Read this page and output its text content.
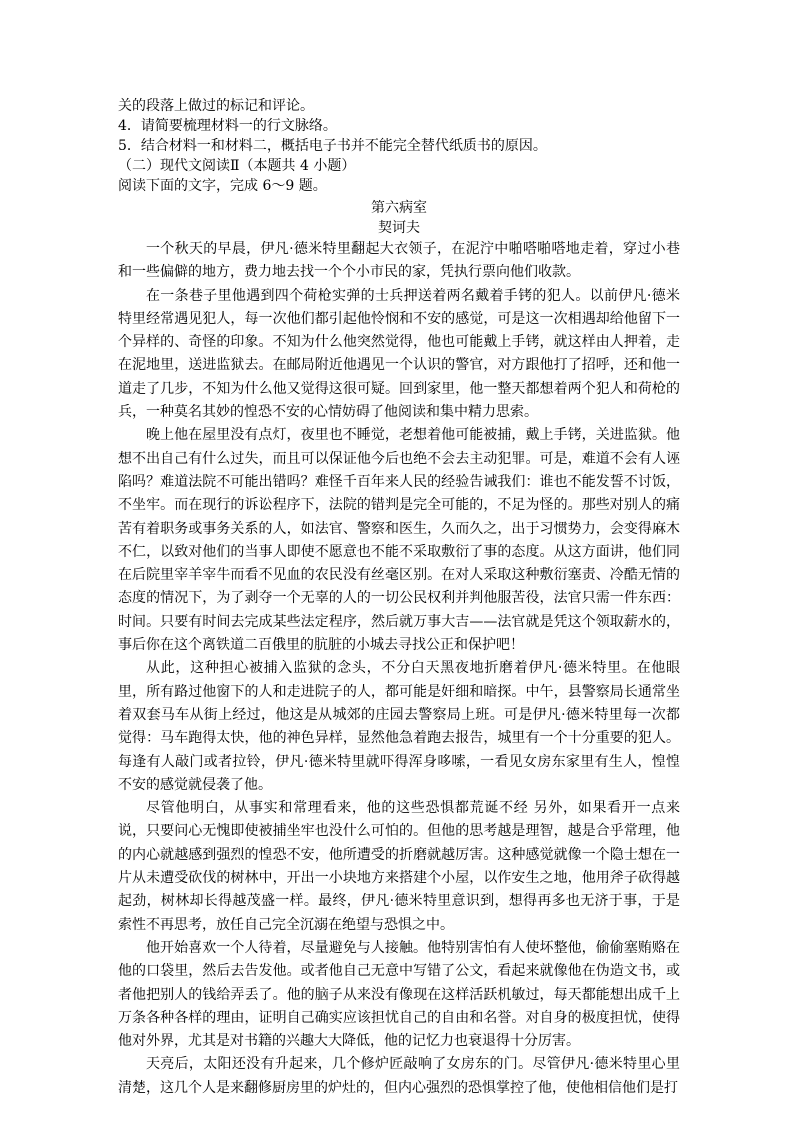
关的段落上做过的标记和评论。

4．请简要梳理材料一的行文脉络。

5．结合材料一和材料二，概括电子书并不能完全替代纸质书的原因。

（二）现代文阅读Ⅱ（本题共 4 小题）

阅读下面的文字，完成 6～9 题。

第六病室

契诃夫

一个秋天的早晨，伊凡·德米特里翻起大衣领子，在泥泞中啪嗒啪嗒地走着，穿过小巷和一些偏僻的地方，费力地去找一个个小市民的家，凭执行票向他们收款。

在一条巷子里他遇到四个荷枪实弹的士兵押送着两名戴着手铐的犯人。以前伊凡·德米特里经常遇见犯人，每一次他们都引起他怜悯和不安的感觉，可是这一次相遇却给他留下一个异样的、奇怪的印象。不知为什么他突然觉得，他也可能戴上手铐，就这样由人押着，走在泥地里，送进监狱去。在邮局附近他遇见一个认识的警官，对方跟他打了招呼，还和他一道走了几步，不知为什么他又觉得这很可疑。回到家里，他一整天都想着两个犯人和荷枪的兵，一种莫名其妙的惶恐不安的心情妨碍了他阅读和集中精力思索。

晚上他在屋里没有点灯，夜里也不睡觉，老想着他可能被捕，戴上手铐，关进监狱。他想不出自己有什么过失，而且可以保证他今后也绝不会去主动犯罪。可是，难道不会有人诬陷吗？难道法院不可能出错吗？难怪千百年来人民的经验告诫我们：谁也不能发誓不讨饭，不坐牢。而在现行的诉讼程序下，法院的错判是完全可能的，不足为怪的。那些对别人的痛苦有着职务或事务关系的人，如法官、警察和医生，久而久之，出于习惯势力，会变得麻木不仁，以致对他们的当事人即使不愿意也不能不采取敷衍了事的态度。从这方面讲，他们同在后院里宰羊宰牛而看不见血的农民没有丝毫区别。在对人采取这种敷衍塞责、冷酷无情的态度的情况下，为了剥夺一个无辜的人的一切公民权利并判他服苦役，法官只需一件东西：时间。只要有时间去完成某些法定程序，然后就万事大吉——法官就是凭这个领取薪水的，事后你在这个离铁道二百俄里的肮脏的小城去寻找公正和保护吧！

从此，这种担心被捕入监狱的念头，不分白天黑夜地折磨着伊凡·德米特里。在他眼里，所有路过他窗下的人和走进院子的人，都可能是奸细和暗探。中午，县警察局长通常坐着双套马车从街上经过，他这是从城郊的庄园去警察局上班。可是伊凡·德米特里每一次都觉得：马车跑得太快，他的神色异样，显然他急着跑去报告，城里有一个十分重要的犯人。每逢有人敲门或者拉铃，伊凡·德米特里就吓得浑身哆嗦，一看见女房东家里有生人，惶惶不安的感觉就侵袭了他。

尽管他明白，从事实和常理看来，他的这些恐惧都荒诞不经 另外，如果看开一点来说，只要问心无愧即使被捕坐牢也没什么可怕的。但他的思考越是理智，越是合乎常理，他的内心就越感到强烈的惶恐不安，他所遭受的折磨就越厉害。这种感觉就像一个隐士想在一片从未遭受砍伐的树林中，开出一小块地方来搭建个小屋，以作安生之地，他用斧子砍得越起劲，树林却长得越茂盛一样。最终，伊凡·德米特里意识到，想得再多也无济于事，于是索性不再思考，放任自己完全沉溺在绝望与恐惧之中。

他开始喜欢一个人待着，尽量避免与人接触。他特别害怕有人使坏整他，偷偷塞贿赂在他的口袋里，然后去告发他。或者他自己无意中写错了公文，看起来就像他在伪造文书，或者他把别人的钱给弄丢了。他的脑子从来没有像现在这样活跃机敏过，每天都能想出成千上万条各种各样的理由，证明自己确实应该担忧自己的自由和名誉。对自身的极度担忧，使得他对外界，尤其是对书籍的兴趣大大降低，他的记忆力也衰退得十分厉害。

天亮后，太阳还没有升起来，几个修炉匠敲响了女房东的门。尽管伊凡·德米特里心里清楚，这几个人是来翻修厨房里的炉灶的，但内心强烈的恐惧掌控了他，使他相信他们是打
